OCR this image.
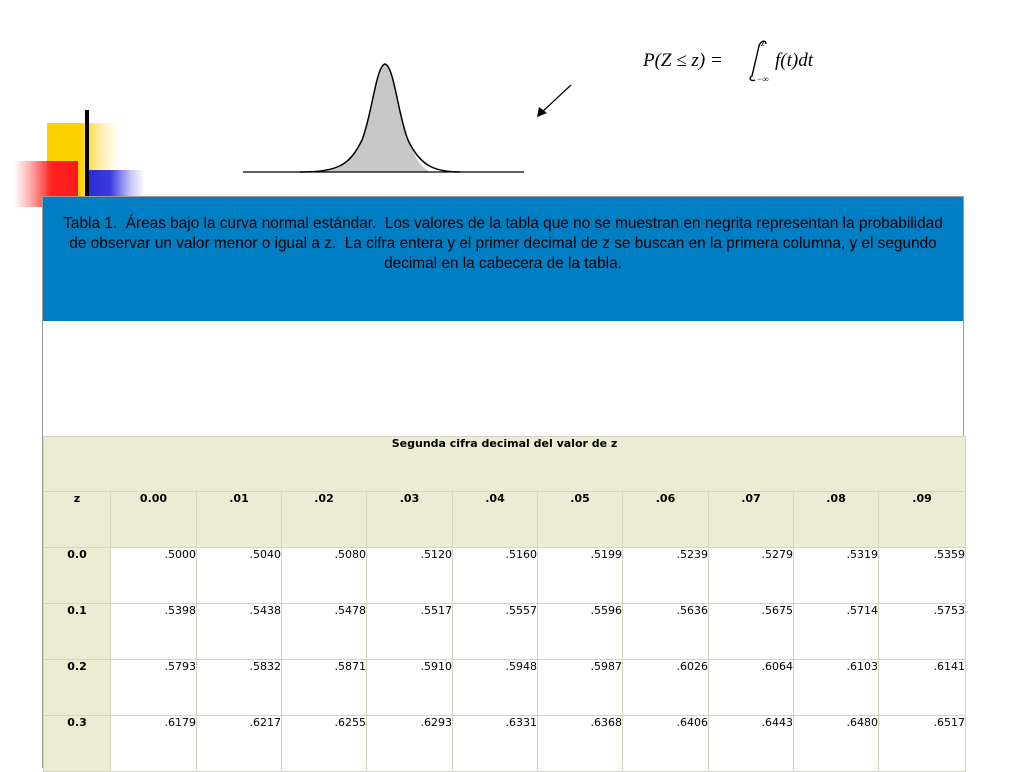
P(Z ≤ z) =
z
−∞
f(t)dt
Tabla 1.  Áreas bajo la curva normal estándar.  Los valores de la tabla que no se muestran en negrita representan la probabilidad de observar un valor menor o igual a z.  La cifra entera y el primer decimal de z se buscan en la primera columna, y el segundo decimal en la cabecera de la tabla.
Segunda cifra decimal del valor de z										
z	0.00	.01	.02	.03	.04	.05	.06	.07	.08	.09
0.0	.5000	.5040	.5080	.5120	.5160	.5199	.5239	.5279	.5319	.5359
0.1	.5398	.5438	.5478	.5517	.5557	.5596	.5636	.5675	.5714	.5753
0.2	.5793	.5832	.5871	.5910	.5948	.5987	.6026	.6064	.6103	.6141
0.3	.6179	.6217	.6255	.6293	.6331	.6368	.6406	.6443	.6480	.6517
